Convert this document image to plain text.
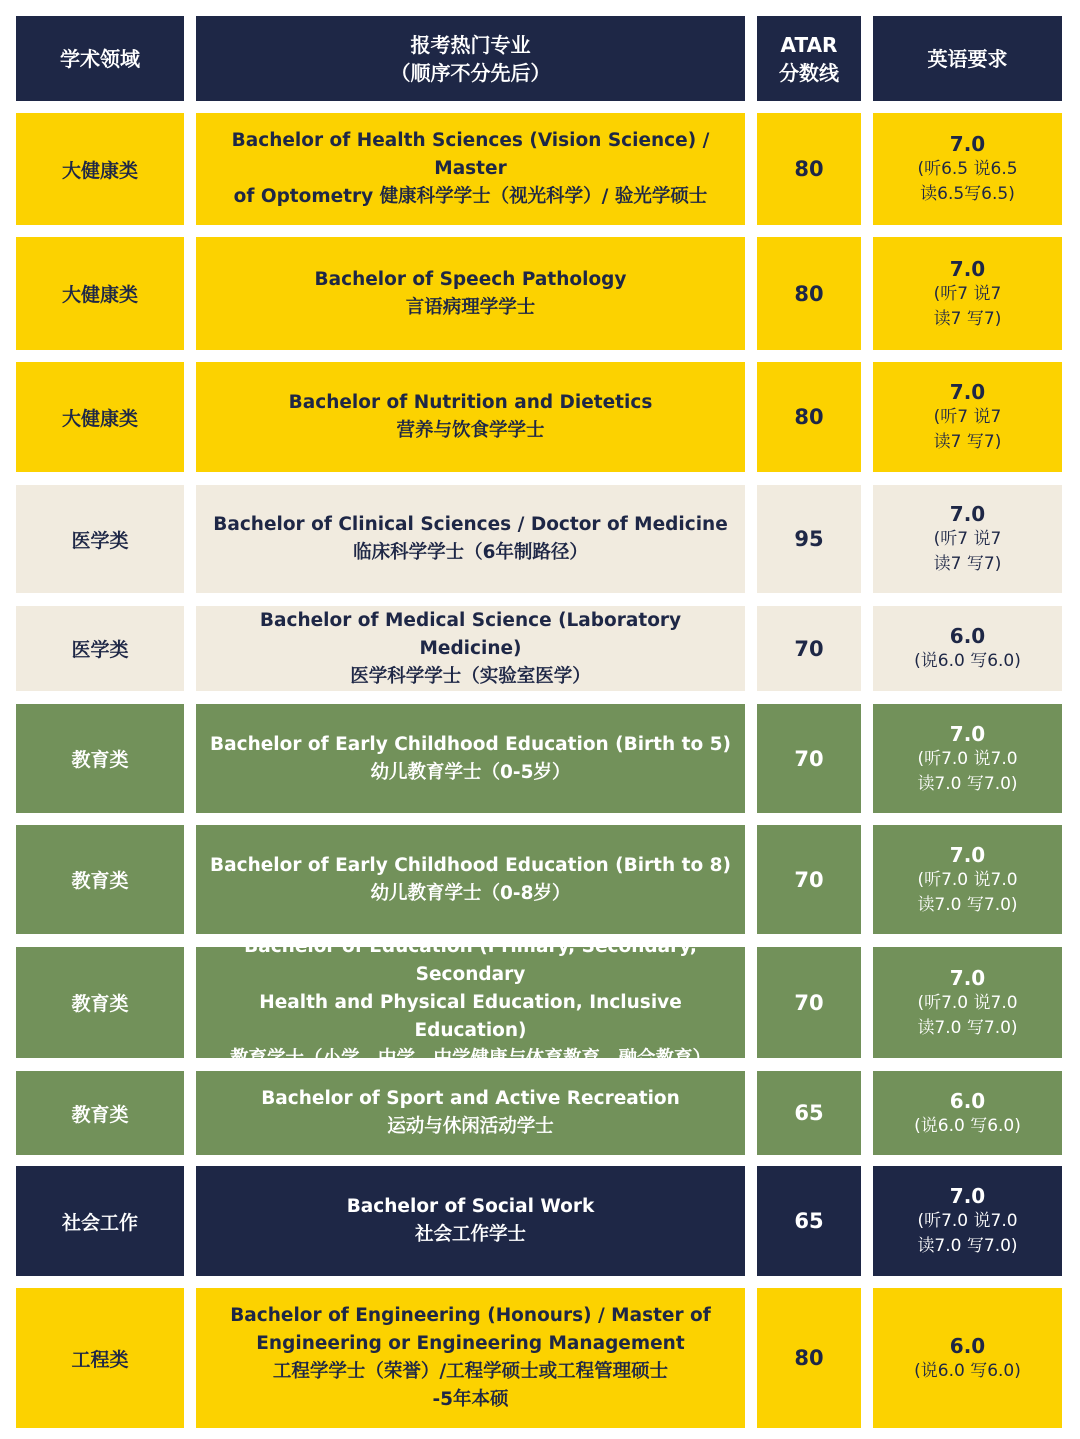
学术领域
报考热门专业
（顺序不分先后）
ATAR
分数线
英语要求
大健康类
Bachelor of Health Sciences (Vision Science) / Master
of Optometry 健康科学学士（视光科学）/ 验光学硕士
80
7.0
(听6.5 说6.5
读6.5写6.5)
大健康类
Bachelor of Speech Pathology
言语病理学学士
80
7.0
(听7 说7
读7 写7)
大健康类
Bachelor of Nutrition and Dietetics
营养与饮食学学士
80
7.0
(听7 说7
读7 写7)
医学类
Bachelor of Clinical Sciences / Doctor of Medicine
临床科学学士（6年制路径）
95
7.0
(听7 说7
读7 写7)
医学类
Bachelor of Medical Science (Laboratory Medicine)
医学科学学士（实验室医学）
70
6.0
(说6.0 写6.0)
教育类
Bachelor of Early Childhood Education (Birth to 5)
幼儿教育学士（0-5岁）
70
7.0
(听7.0 说7.0
读7.0 写7.0)
教育类
Bachelor of Early Childhood Education (Birth to 8)
幼儿教育学士（0-8岁）
70
7.0
(听7.0 说7.0
读7.0 写7.0)
教育类
Bachelor of Education (Primary, Secondary, Secondary
Health and Physical Education, Inclusive Education)
教育学士（小学、中学、中学健康与体育教育、融合教育）
70
7.0
(听7.0 说7.0
读7.0 写7.0)
教育类
Bachelor of Sport and Active Recreation
运动与休闲活动学士
65
6.0
(说6.0 写6.0)
社会工作
Bachelor of Social Work
社会工作学士
65
7.0
(听7.0 说7.0
读7.0 写7.0)
工程类
Bachelor of Engineering (Honours) / Master of
Engineering or Engineering Management
工程学学士（荣誉）/工程学硕士或工程管理硕士
-5年本硕
80
6.0
(说6.0 写6.0)
